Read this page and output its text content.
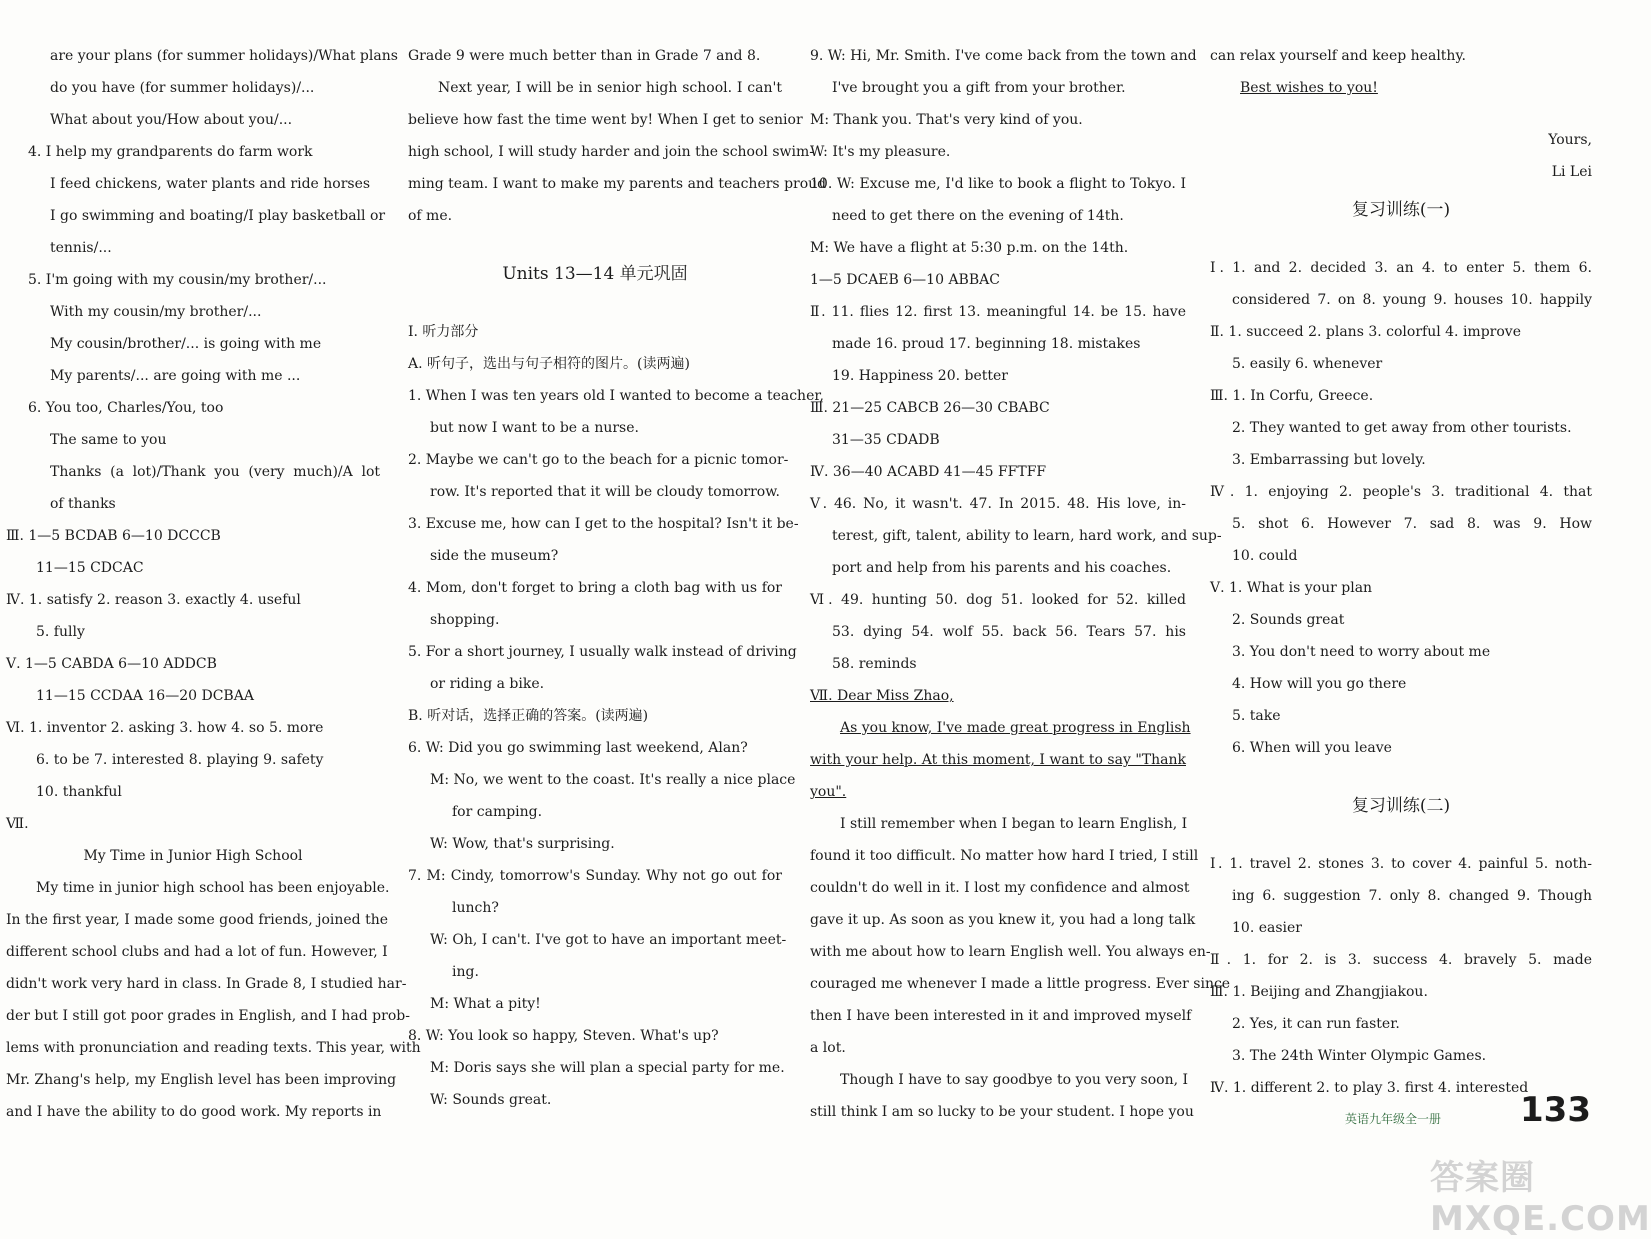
are your plans (for summer holidays)/What plans
do you have (for summer holidays)/...
What about you/How about you/...
4. I help my grandparents do farm work
I feed chickens, water plants and ride horses
I go swimming and boating/I play basketball or
tennis/...
5. I'm going with my cousin/my brother/...
With my cousin/my brother/...
My cousin/brother/... is going with me
My parents/... are going with me ...
6. You too, Charles/You, too
The same to you
Thanks (a lot)/Thank you (very much)/A lot
of thanks
Ⅲ. 1—5 BCDAB 6—10 DCCCB
11—15 CDCAC
Ⅳ. 1. satisfy 2. reason 3. exactly 4. useful
5. fully
Ⅴ. 1—5 CABDA 6—10 ADDCB
11—15 CCDAA 16—20 DCBAA
Ⅵ. 1. inventor 2. asking 3. how 4. so 5. more
6. to be 7. interested 8. playing 9. safety
10. thankful
Ⅶ.
My Time in Junior High School
My time in junior high school has been enjoyable.
In the first year, I made some good friends, joined the
different school clubs and had a lot of fun. However, I
didn't work very hard in class. In Grade 8, I studied har-
der but I still got poor grades in English, and I had prob-
lems with pronunciation and reading texts. This year, with
Mr. Zhang's help, my English level has been improving
and I have the ability to do good work. My reports in
Grade 9 were much better than in Grade 7 and 8.
Next year, I will be in senior high school. I can't
believe how fast the time went by! When I get to senior
high school, I will study harder and join the school swim-
ming team. I want to make my parents and teachers proud
of me.
Units 13—14 单元巩固
Ⅰ. 听力部分
A. 听句子，选出与句子相符的图片。(读两遍)
1. When I was ten years old I wanted to become a teacher,
but now I want to be a nurse.
2. Maybe we can't go to the beach for a picnic tomor-
row. It's reported that it will be cloudy tomorrow.
3. Excuse me, how can I get to the hospital? Isn't it be-
side the museum?
4. Mom, don't forget to bring a cloth bag with us for
shopping.
5. For a short journey, I usually walk instead of driving
or riding a bike.
B. 听对话，选择正确的答案。(读两遍)
6. W: Did you go swimming last weekend, Alan?
M: No, we went to the coast. It's really a nice place
for camping.
W: Wow, that's surprising.
7. M: Cindy, tomorrow's Sunday. Why not go out for
lunch?
W: Oh, I can't. I've got to have an important meet-
ing.
M: What a pity!
8. W: You look so happy, Steven. What's up?
M: Doris says she will plan a special party for me.
W: Sounds great.
9. W: Hi, Mr. Smith. I've come back from the town and
I've brought you a gift from your brother.
M: Thank you. That's very kind of you.
W: It's my pleasure.
10. W: Excuse me, I'd like to book a flight to Tokyo. I
need to get there on the evening of 14th.
M: We have a flight at 5:30 p.m. on the 14th.
1—5 DCAEB 6—10 ABBAC
Ⅱ. 11. flies 12. first 13. meaningful 14. be 15. have
made 16. proud 17. beginning 18. mistakes
19. Happiness 20. better
Ⅲ. 21—25 CABCB 26—30 CBABC
31—35 CDADB
Ⅳ. 36—40 ACABD 41—45 FFTFF
Ⅴ. 46. No, it wasn't. 47. In 2015. 48. His love, in-
terest, gift, talent, ability to learn, hard work, and sup-
port and help from his parents and his coaches.
Ⅵ. 49. hunting 50. dog 51. looked for 52. killed
53. dying 54. wolf 55. back 56. Tears 57. his
58. reminds
Ⅶ. Dear Miss Zhao,
As you know, I've made great progress in English
with your help. At this moment, I want to say "Thank
you".
I still remember when I began to learn English, I
found it too difficult. No matter how hard I tried, I still
couldn't do well in it. I lost my confidence and almost
gave it up. As soon as you knew it, you had a long talk
with me about how to learn English well. You always en-
couraged me whenever I made a little progress. Ever since
then I have been interested in it and improved myself
a lot.
Though I have to say goodbye to you very soon, I
still think I am so lucky to be your student. I hope you
can relax yourself and keep healthy.
Best wishes to you!
Yours,
Li Lei
复习训练(一)
Ⅰ. 1. and 2. decided 3. an 4. to enter 5. them 6.
considered 7. on 8. young 9. houses 10. happily
Ⅱ. 1. succeed 2. plans 3. colorful 4. improve
5. easily 6. whenever
Ⅲ. 1. In Corfu, Greece.
2. They wanted to get away from other tourists.
3. Embarrassing but lovely.
Ⅳ. 1. enjoying 2. people's 3. traditional 4. that
5. shot 6. However 7. sad 8. was 9. How
10. could
Ⅴ. 1. What is your plan
2. Sounds great
3. You don't need to worry about me
4. How will you go there
5. take
6. When will you leave
复习训练(二)
Ⅰ. 1. travel 2. stones 3. to cover 4. painful 5. noth-
ing 6. suggestion 7. only 8. changed 9. Though
10. easier
Ⅱ. 1. for 2. is 3. success 4. bravely 5. made
Ⅲ. 1. Beijing and Zhangjiakou.
2. Yes, it can run faster.
3. The 24th Winter Olympic Games.
Ⅳ. 1. different 2. to play 3. first 4. interested
英语九年级全一册 133
答案圈 MXQE.COM
